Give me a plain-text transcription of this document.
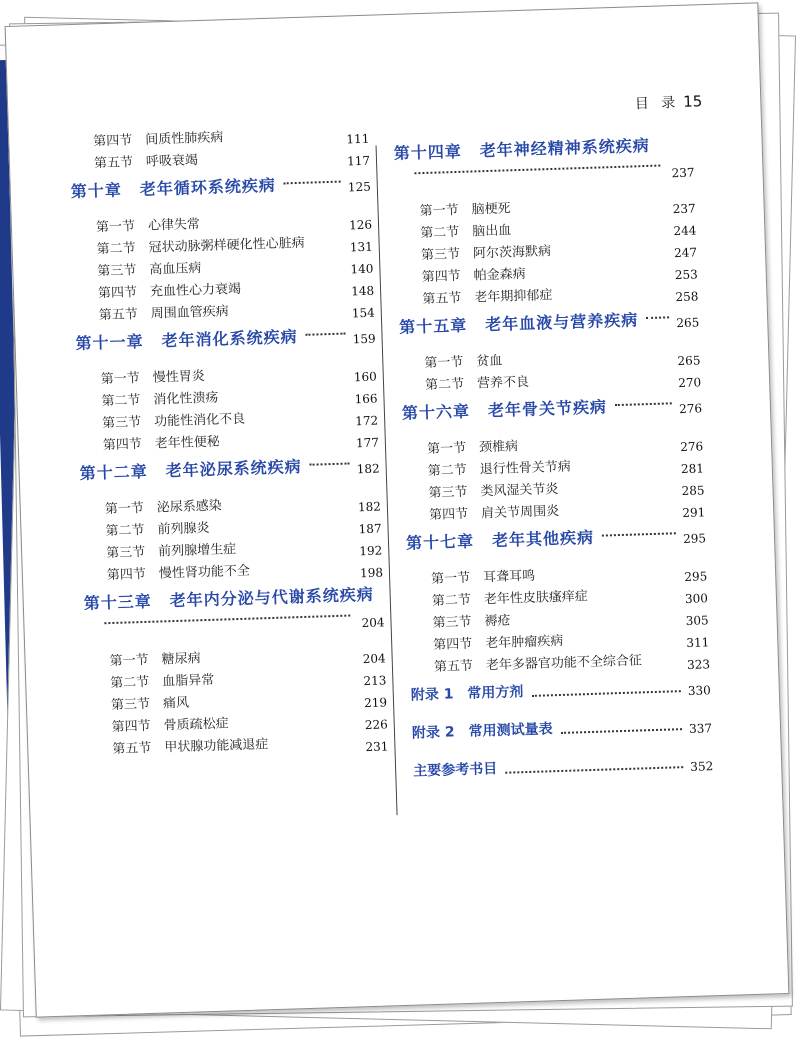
目 录 15
第四节 间质性肺疾病	111
第五节 呼吸衰竭	117
第十章 老年循环系统疾病	125
第一节 心律失常	126
第二节 冠状动脉粥样硬化性心脏病	131
第三节 高血压病	140
第四节 充血性心力衰竭	148
第五节 周围血管疾病	154
第十一章 老年消化系统疾病	159
第一节 慢性胃炎	160
第二节 消化性溃疡	166
第三节 功能性消化不良	172
第四节 老年性便秘	177
第十二章 老年泌尿系统疾病	182
第一节 泌尿系感染	182
第二节 前列腺炎	187
第三节 前列腺增生症	192
第四节 慢性肾功能不全	198
第十三章 老年内分泌与代谢系统疾病
204
第一节 糖尿病	204
第二节 血脂异常	213
第三节 痛风	219
第四节 骨质疏松症	226
第五节 甲状腺功能减退症	231
第十四章 老年神经精神系统疾病
237
第一节 脑梗死	237
第二节 脑出血	244
第三节 阿尔茨海默病	247
第四节 帕金森病	253
第五节 老年期抑郁症	258
第十五章 老年血液与营养疾病	265
第一节 贫血	265
第二节 营养不良	270
第十六章 老年骨关节疾病	276
第一节 颈椎病	276
第二节 退行性骨关节病	281
第三节 类风湿关节炎	285
第四节 肩关节周围炎	291
第十七章 老年其他疾病	295
第一节 耳聋耳鸣	295
第二节 老年性皮肤瘙痒症	300
第三节 褥疮	305
第四节 老年肿瘤疾病	311
第五节 老年多器官功能不全综合征	323
附录 1 常用方剂	330
附录 2 常用测试量表	337
主要参考书目	352
